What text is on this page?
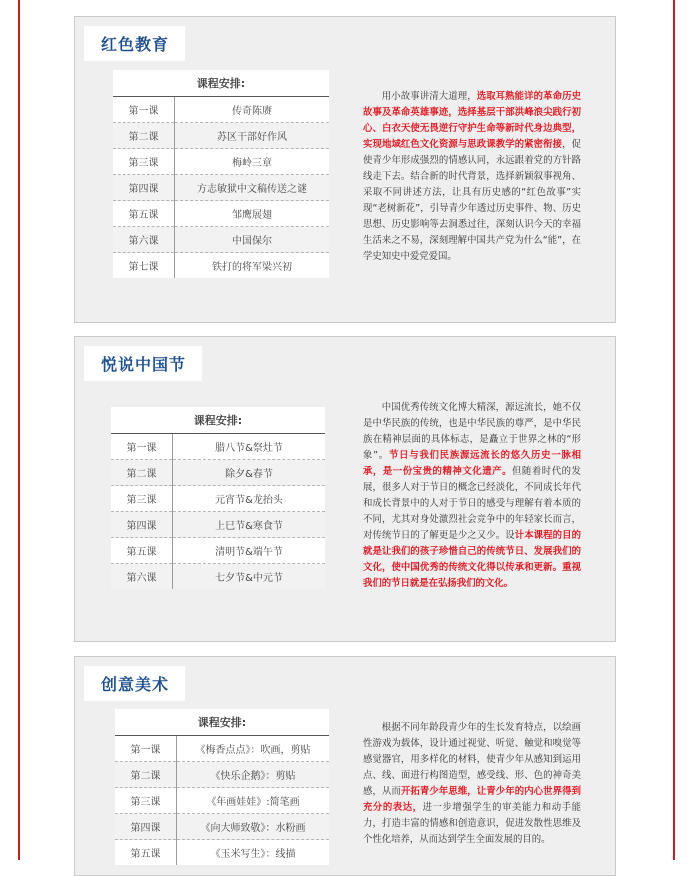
红色教育
课程安排:	
第一课	传奇陈赓
第二课	苏区干部好作风
第三课	梅岭三章
第四课	方志敏狱中文稿传送之谜
第五课	邹鹰展翅
第六课	中国保尔
第七课	铁打的将军梁兴初

用小故事讲清大道理，选取耳熟能详的革命历史故事及革命英雄事迹，选择基层干部洪峰浪尖践行初心、白衣天使无畏逆行守护生命等新时代身边典型，实现地域红色文化资源与思政课教学的紧密衔接，促使青少年形成强烈的情感认同，永远跟着党的方针路线走下去。结合新的时代背景，选择新颖叙事视角、采取不同讲述方法，让具有历史感的“红色故事”实现“老树新花”，引导青少年透过历史事件、物、历史思想、历史影响等去洞悉过往，深刻认识今天的幸福生活来之不易，深刻理解中国共产党为什么“能”，在学史知史中爱党爱国。

悦说中国节
课程安排:	
第一课	腊八节&祭灶节
第二课	除夕&春节
第三课	元宵节&龙抬头
第四课	上巳节&寒食节
第五课	清明节&端午节
第六课	七夕节&中元节

中国优秀传统文化博大精深，源远流长，她不仅是中华民族的传统，也是中华民族的尊严，是中华民族在精神层面的具体标志，是矗立于世界之林的“形象”。节日与我们民族源远流长的悠久历史一脉相承，是一份宝贵的精神文化遗产。但随着时代的发展，很多人对于节日的概念已经淡化，不同成长年代和成长背景中的人对于节日的感受与理解有着本质的不同，尤其对身处激烈社会竞争中的年轻家长而言，对传统节日的了解更是少之又少。设计本课程的目的就是让我们的孩子珍惜自己的传统节日、发展我们的文化，使中国优秀的传统文化得以传承和更新。重视我们的节日就是在弘扬我们的文化。

创意美术
课程安排:	
第一课	《梅香点点》：吹画，剪贴
第二课	《快乐企鹅》：剪贴
第三课	《年画娃娃》:简笔画
第四课	《向大师致敬》：水粉画
第五课	《玉米写生》：线描

根据不同年龄段青少年的生长发育特点，以绘画性游戏为载体，设计通过视觉、听觉、触觉和嗅觉等感觉器官，用多样化的材料，使青少年从感知到运用点、线、面进行构图造型，感受线、形、色的神奇美感，从而开拓青少年思维，让青少年的内心世界得到充分的表达，进一步增强学生的审美能力和动手能力，打造丰富的情感和创造意识，促进发散性思维及个性化培养，从而达到学生全面发展的目的。
